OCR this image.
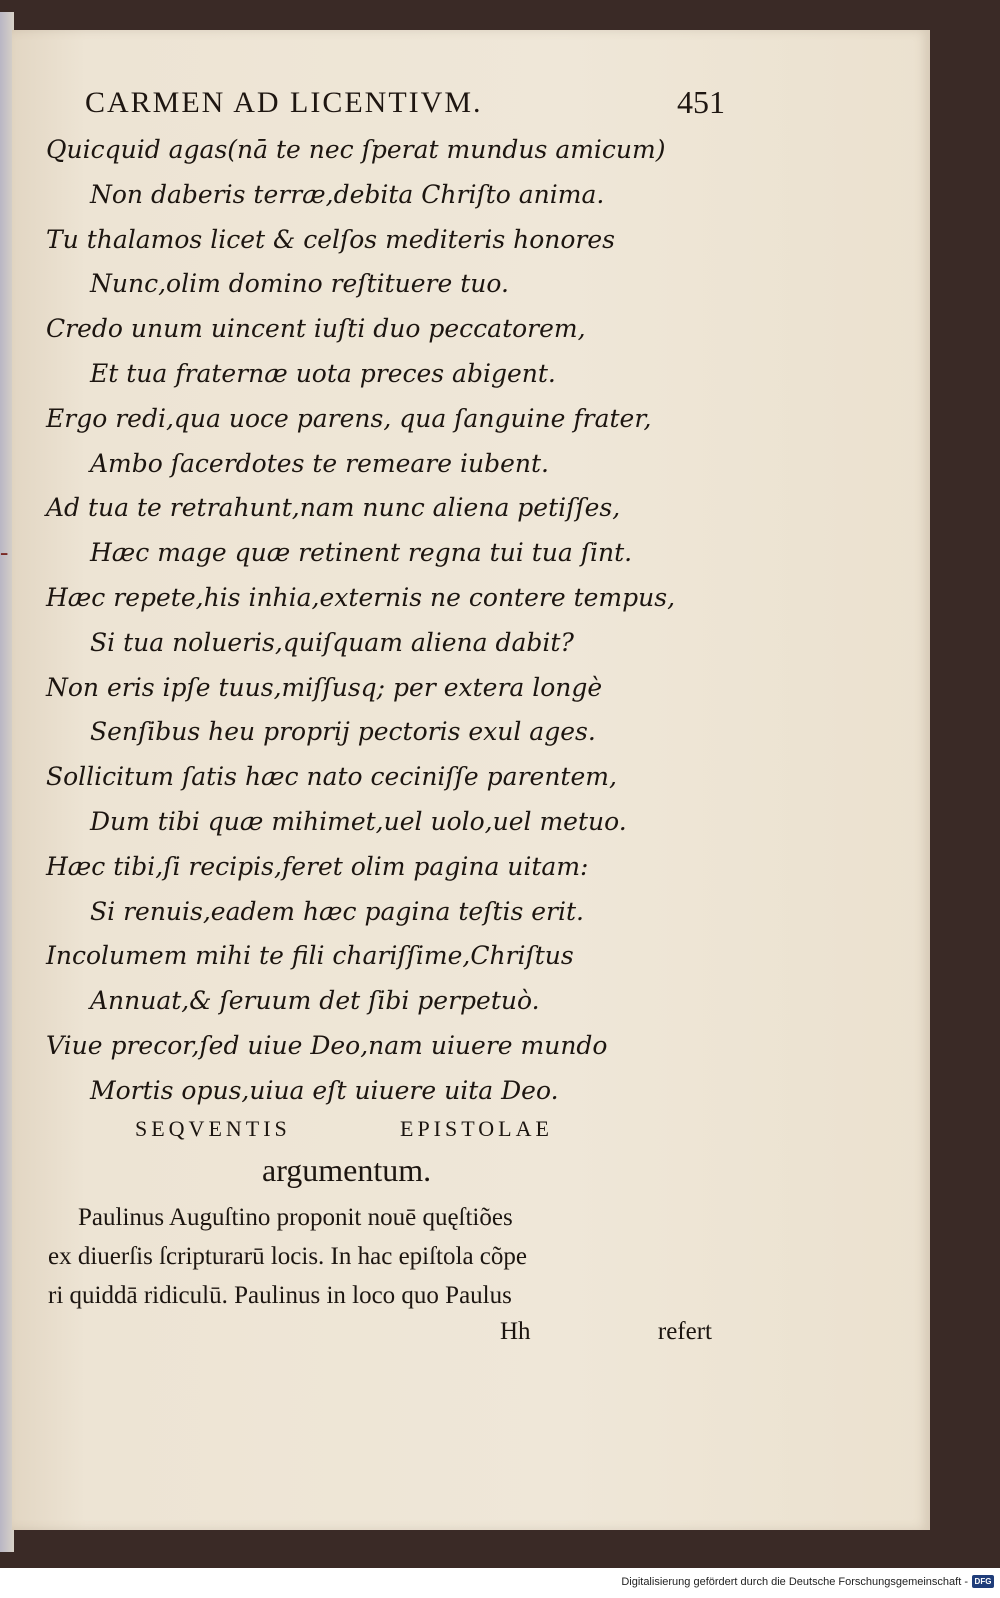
CARMEN AD LICENTIVM.	451
Quicquid agas(nā te nec ſperat mundus amicum)
Non daberis terræ,debita Chriſto anima.
Tu thalamos licet & celſos mediteris honores
Nunc,olim domino reſtituere tuo.
Credo unum uincent iuſti duo peccatorem,
Et tua fraternæ uota preces abigent.
Ergo redi,qua uoce parens, qua ſanguine frater,
Ambo ſacerdotes te remeare iubent.
Ad tua te retrahunt,nam nunc aliena petiſſes,
Hæc mage quæ retinent regna tui tua ſint.
Hæc repete,his inhia,externis ne contere tempus,
Si tua nolueris,quiſquam aliena dabit?
Non eris ipſe tuus,miſſusq; per extera longè
Senſibus heu proprij pectoris exul ages.
Sollicitum ſatis hæc nato ceciniſſe parentem,
Dum tibi quæ mihimet,uel uolo,uel metuo.
Hæc tibi,ſi recipis,feret olim pagina uitam:
Si renuis,eadem hæc pagina teſtis erit.
Incolumem mihi te fili chariſſime,Chriſtus
Annuat,& ſeruum det ſibi perpetuò.
Viue precor,ſed uiue Deo,nam uiuere mundo
Mortis opus,uiua eſt uiuere uita Deo.
-
SEQVENTIS	EPISTOLAE
argumentum.
Paulinus Auguſtino proponit nouē quęſtiões
ex diuerſis ſcripturarū locis. In hac epiſtola cõpe
ri quiddā ridiculū. Paulinus in loco quo Paulus
Hh	refert
Digitalisierung gefördert durch die Deutsche Forschungsgemeinschaft - DFG
